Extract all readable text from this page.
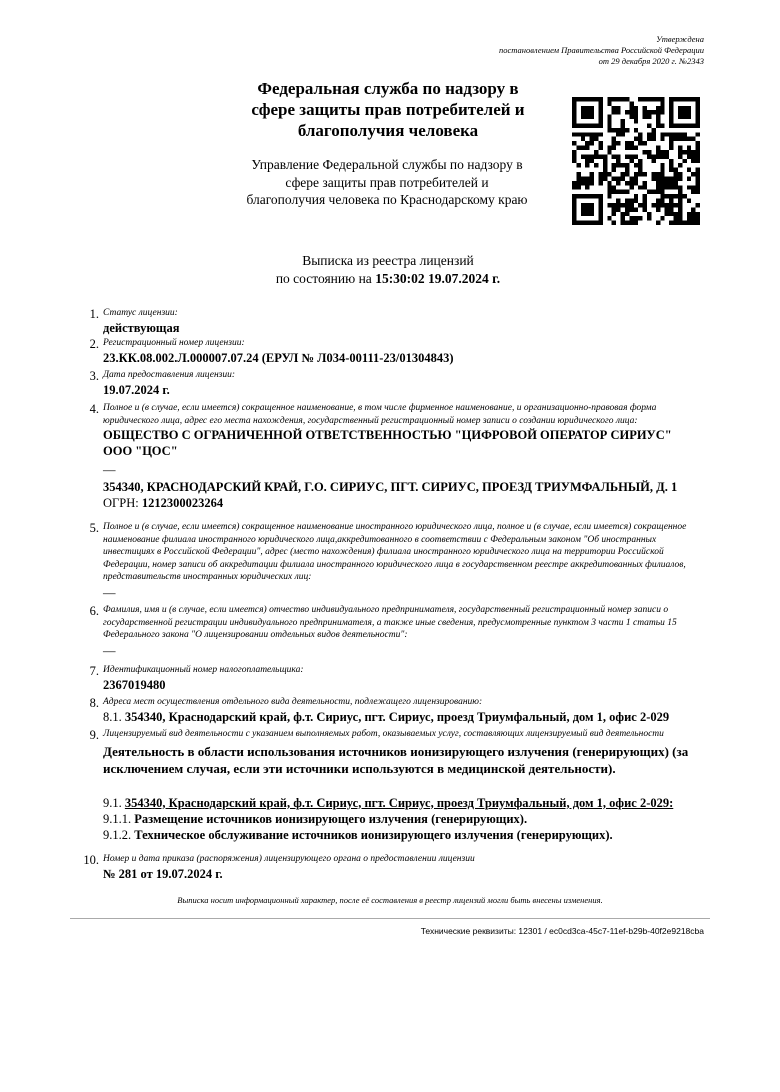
Утверждена
постановлением Правительства Российской Федерации
от 29 декабря 2020 г. №2343
Федеральная служба по надзору в
сфере защиты прав потребителей и
благополучия человека
Управление Федеральной службы по надзору в
сфере защиты прав потребителей и
благополучия человека по Краснодарскому краю
Выписка из реестра лицензий
по состоянию на 15:30:02 19.07.2024 г.
1. Статус лицензии:
действующая
2. Регистрационный номер лицензии:
23.КК.08.002.Л.000007.07.24 (ЕРУЛ № Л034-00111-23/01304843)
3. Дата предоставления лицензии:
19.07.2024 г.
4. Полное и (в случае, если имеется) сокращенное наименование, в том числе фирменное наименование, и организационно-правовая форма юридического лица, адрес его места нахождения, государственный регистрационный номер записи о создании юридического лица:
ОБЩЕСТВО С ОГРАНИЧЕННОЙ ОТВЕТСТВЕННОСТЬЮ "ЦИФРОВОЙ ОПЕРАТОР СИРИУС"
ООО "ЦОС"
—
354340, КРАСНОДАРСКИЙ КРАЙ, Г.О. СИРИУС, ПГТ. СИРИУС, ПРОЕЗД ТРИУМФАЛЬНЫЙ, Д. 1
ОГРН: 1212300023264
5. Полное и (в случае, если имеется) сокращенное наименование иностранного юридического лица, полное и (в случае, если имеется) сокращенное наименование филиала иностранного юридического лица,аккредитованного в соответствии с Федеральным законом "Об иностранных инвестициях в Российской Федерации", адрес (место нахождения) филиала иностранного юридического лица на территории Российской Федерации, номер записи об аккредитации филиала иностранного юридического лица в государственном реестре аккредитованных филиалов, представительств иностранных юридических лиц:
—
6. Фамилия, имя и (в случае, если имеется) отчество индивидуального предпринимателя, государственный регистрационный номер записи о государственной регистрации индивидуального предпринимателя, а также иные сведения, предусмотренные пунктом 3 части 1 статьи 15 Федерального закона "О лицензировании отдельных видов деятельности":
—
7. Идентификационный номер налогоплательщика:
2367019480
8. Адреса мест осуществления отдельного вида деятельности, подлежащего лицензированию:
8.1. 354340, Краснодарский край, ф.т. Сириус, пгт. Сириус, проезд Триумфальный, дом 1, офис 2-029
9. Лицензируемый вид деятельности с указанием выполняемых работ, оказываемых услуг, составляющих лицензируемый вид деятельности
Деятельность в области использования источников ионизирующего излучения (генерирующих) (за исключением случая, если эти источники используются в медицинской деятельности).
9.1. 354340, Краснодарский край, ф.т. Сириус, пгт. Сириус, проезд Триумфальный, дом 1, офис 2-029:
9.1.1. Размещение источников ионизирующего излучения (генерирующих).
9.1.2. Техническое обслуживание источников ионизирующего излучения (генерирующих).
10. Номер и дата приказа (распоряжения) лицензирующего органа о предоставлении лицензии
№ 281 от 19.07.2024 г.
Выписка носит информационный характер, после её составления в реестр лицензий могли быть внесены изменения.
Технические реквизиты: 12301 / ec0cd3ca-45c7-11ef-b29b-40f2e9218cba
